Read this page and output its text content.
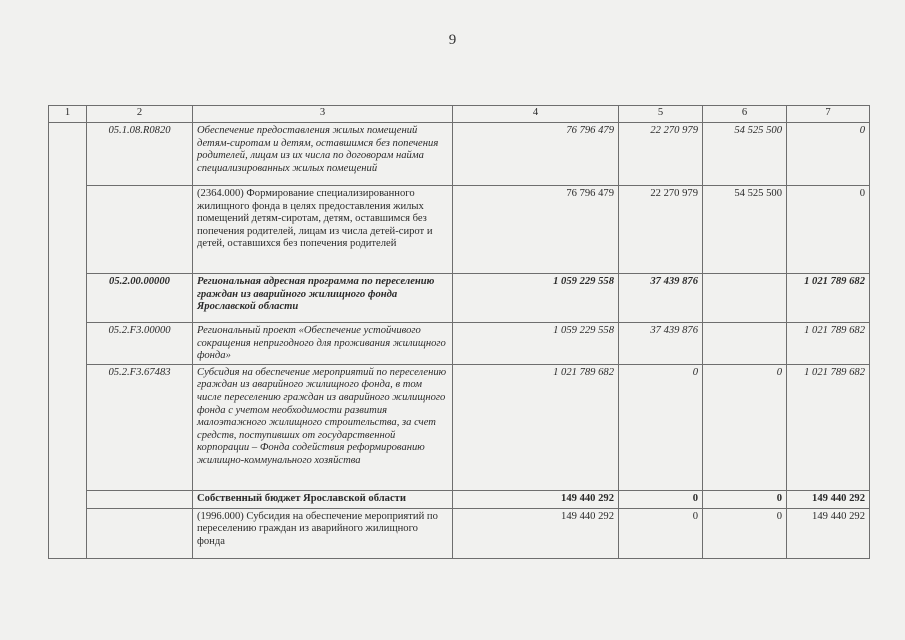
9
1	2	3	4	5	6	7
	05.1.08.R0820	Обеспечение предоставления жилых помещений детям-сиротам и детям, оставшимся без попечения родителей, лицам из их числа по договорам найма специализированных жилых помещений	76 796 479	22 270 979	54 525 500	0
		(2364.000) Формирование специализированного жилищного фонда в целях предоставления жилых помещений детям-сиротам, детям, оставшимся без попечения родителей, лицам из числа детей-сирот и детей, оставшихся без попечения родителей	76 796 479	22 270 979	54 525 500	0
	05.2.00.00000	Региональная адресная программа по переселению граждан из аварийного жилищного фонда Ярославской области	1 059 229 558	37 439 876		1 021 789 682
	05.2.F3.00000	Региональный проект «Обеспечение устойчивого сокращения непригодного для проживания жилищного фонда»	1 059 229 558	37 439 876		1 021 789 682
	05.2.F3.67483	Субсидия на обеспечение мероприятий по переселению граждан из аварийного жилищного фонда, в том числе переселению граждан из аварийного жилищного фонда с учетом необходимости развития малоэтажного жилищного строительства, за счет средств, поступивших от государственной корпорации – Фонда содействия реформированию жилищно-коммунального хозяйства	1 021 789 682	0	0	1 021 789 682
		Собственный бюджет Ярославской области	149 440 292	0	0	149 440 292
		(1996.000) Субсидия на обеспечение мероприятий по переселению граждан из аварийного жилищного фонда	149 440 292	0	0	149 440 292
